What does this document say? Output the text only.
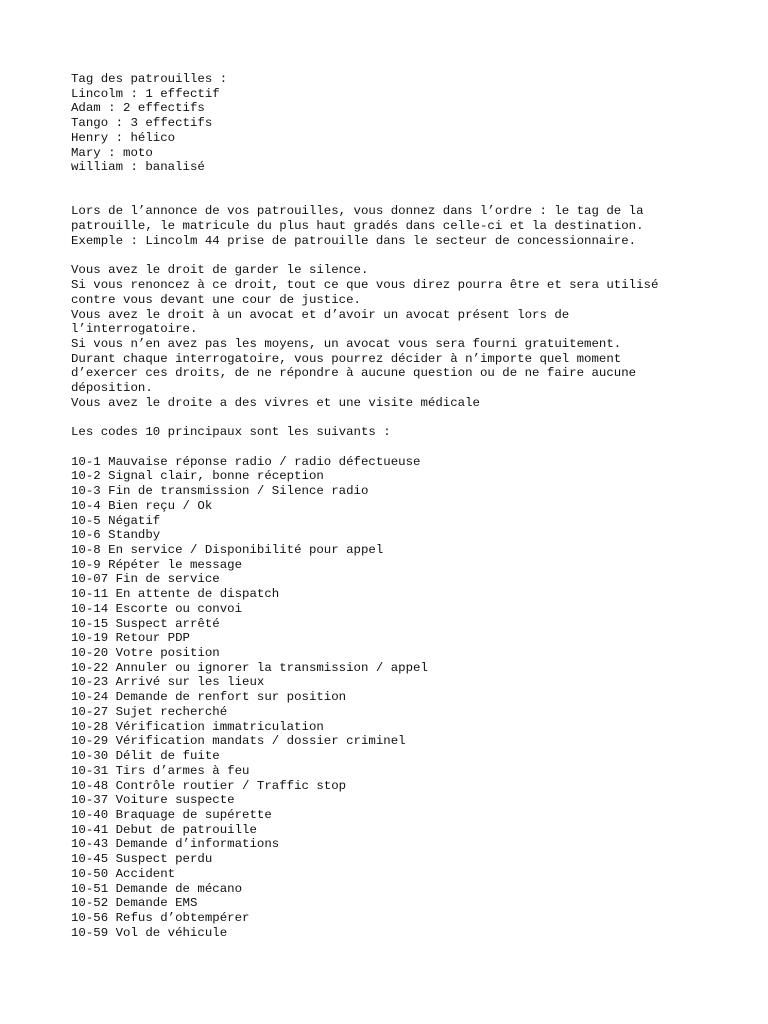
Tag des patrouilles :
Lincolm : 1 effectif
Adam : 2 effectifs
Tango : 3 effectifs
Henry : hélico
Mary : moto
william : banalisé
Lors de l’annonce de vos patrouilles, vous donnez dans l’ordre : le tag de la
patrouille, le matricule du plus haut gradés dans celle-ci et la destination.
Exemple : Lincolm 44 prise de patrouille dans le secteur de concessionnaire.
Vous avez le droit de garder le silence.
Si vous renoncez à ce droit, tout ce que vous direz pourra être et sera utilisé
contre vous devant une cour de justice.
Vous avez le droit à un avocat et d’avoir un avocat présent lors de
l’interrogatoire.
Si vous n’en avez pas les moyens, un avocat vous sera fourni gratuitement.
Durant chaque interrogatoire, vous pourrez décider à n’importe quel moment
d’exercer ces droits, de ne répondre à aucune question ou de ne faire aucune
déposition.
Vous avez le droite a des vivres et une visite médicale
Les codes 10 principaux sont les suivants :
10-1 Mauvaise réponse radio / radio défectueuse
10-2 Signal clair, bonne réception
10-3 Fin de transmission / Silence radio
10-4 Bien reçu / Ok
10-5 Négatif
10-6 Standby
10-8 En service / Disponibilité pour appel
10-9 Répéter le message
10-07 Fin de service
10-11 En attente de dispatch
10-14 Escorte ou convoi
10-15 Suspect arrêté
10-19 Retour PDP
10-20 Votre position
10-22 Annuler ou ignorer la transmission / appel
10-23 Arrivé sur les lieux
10-24 Demande de renfort sur position
10-27 Sujet recherché
10-28 Vérification immatriculation
10-29 Vérification mandats / dossier criminel
10-30 Délit de fuite
10-31 Tirs d’armes à feu
10-48 Contrôle routier / Traffic stop
10-37 Voiture suspecte
10-40 Braquage de supérette
10-41 Debut de patrouille
10-43 Demande d’informations
10-45 Suspect perdu
10-50 Accident
10-51 Demande de mécano
10-52 Demande EMS
10-56 Refus d’obtempérer
10-59 Vol de véhicule
